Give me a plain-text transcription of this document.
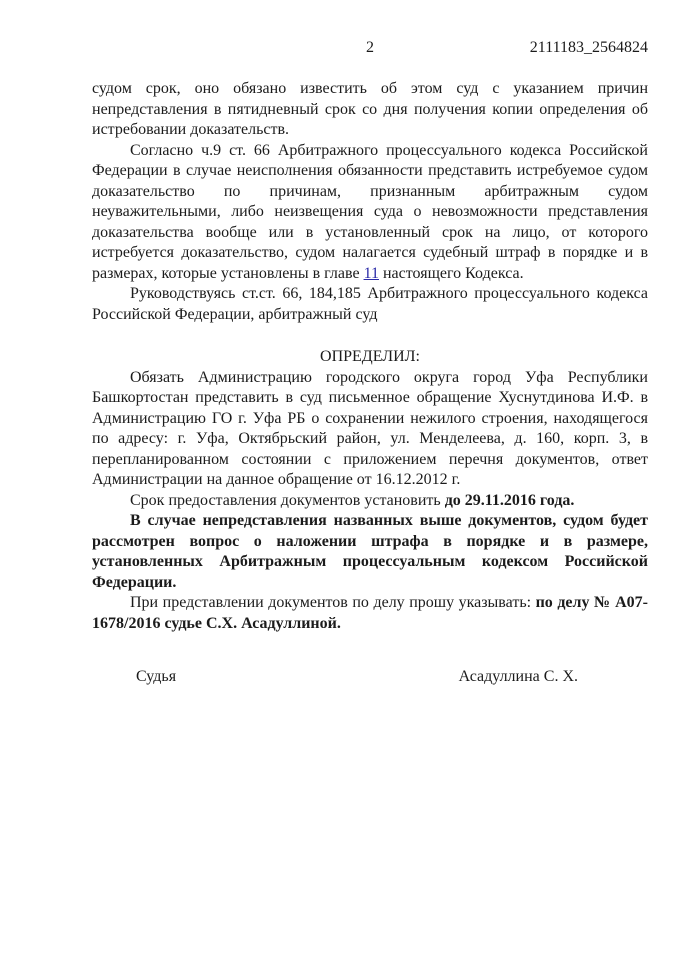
2	2111183_2564824

судом срок, оно обязано известить об этом суд с указанием причин непредставления в пятидневный срок со дня получения копии определения об истребовании доказательств.

Согласно ч.9 ст. 66 Арбитражного процессуального кодекса Российской Федерации в случае неисполнения обязанности представить истребуемое судом доказательство по причинам, признанным арбитражным судом неуважительными, либо неизвещения суда о невозможности представления доказательства вообще или в установленный срок на лицо, от которого истребуется доказательство, судом налагается судебный штраф в порядке и в размерах, которые установлены в главе 11 настоящего Кодекса.

Руководствуясь ст.ст. 66, 184,185 Арбитражного процессуального кодекса Российской Федерации, арбитражный суд

ОПРЕДЕЛИЛ:

Обязать Администрацию городского округа город Уфа Республики Башкортостан представить в суд письменное обращение Хуснутдинова И.Ф. в Администрацию ГО г. Уфа РБ о сохранении нежилого строения, находящегося по адресу: г. Уфа, Октябрьский район, ул. Менделеева, д. 160, корп. 3, в перепланированном состоянии с приложением перечня документов, ответ Администрации на данное обращение от 16.12.2012 г.

Срок предоставления документов установить до 29.11.2016 года.

В случае непредставления названных выше документов, судом будет рассмотрен вопрос о наложении штрафа в порядке и в размере, установленных Арбитражным процессуальным кодексом Российской Федерации.

При представлении документов по делу прошу указывать: по делу № А07-1678/2016 судье С.Х. Асадуллиной.

Судья	Асадуллина С. Х.
